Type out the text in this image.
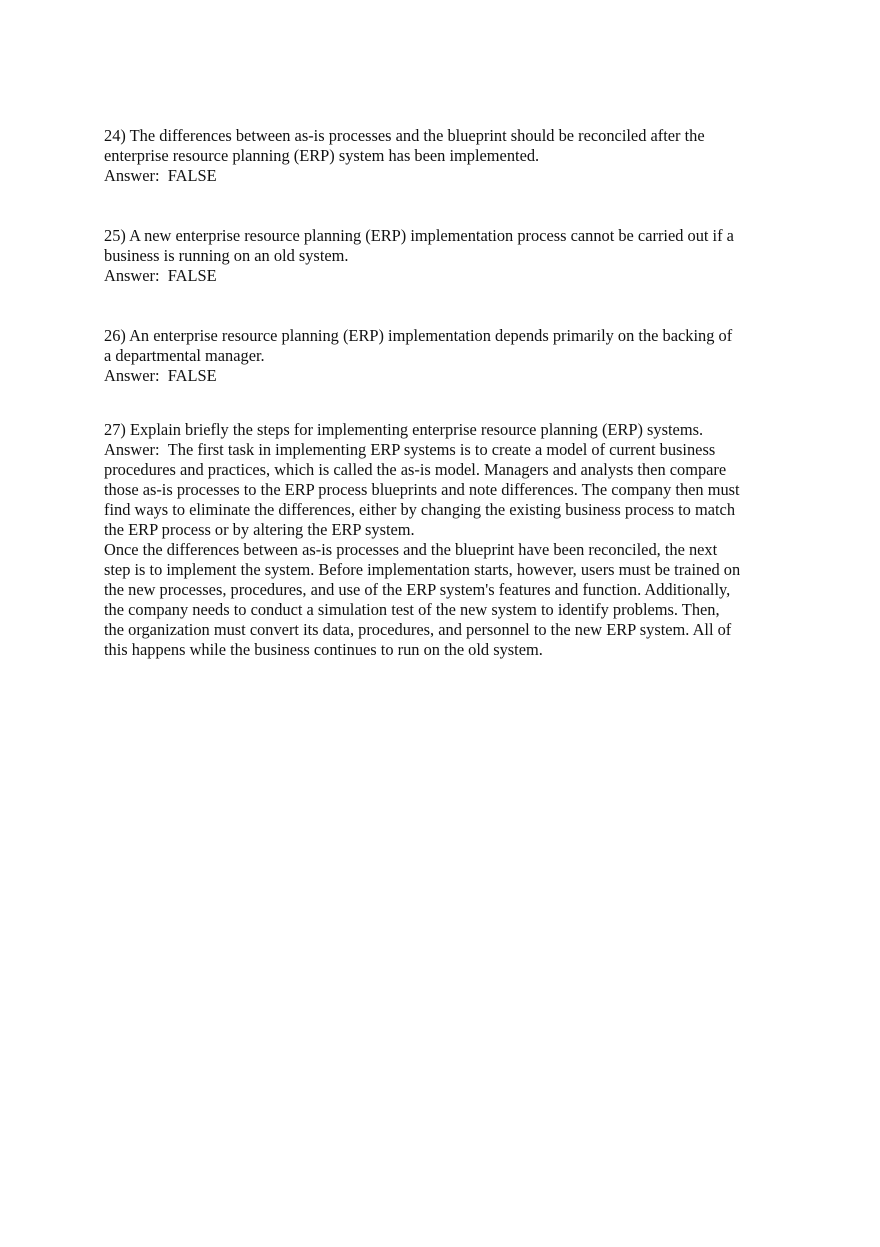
24) The differences between as-is processes and the blueprint should be reconciled after the
enterprise resource planning (ERP) system has been implemented.
Answer: FALSE
25) A new enterprise resource planning (ERP) implementation process cannot be carried out if a
business is running on an old system.
Answer: FALSE
26) An enterprise resource planning (ERP) implementation depends primarily on the backing of
a departmental manager.
Answer: FALSE
27) Explain briefly the steps for implementing enterprise resource planning (ERP) systems.
Answer: The first task in implementing ERP systems is to create a model of current business
procedures and practices, which is called the as-is model. Managers and analysts then compare
those as-is processes to the ERP process blueprints and note differences. The company then must
find ways to eliminate the differences, either by changing the existing business process to match
the ERP process or by altering the ERP system.
Once the differences between as-is processes and the blueprint have been reconciled, the next
step is to implement the system. Before implementation starts, however, users must be trained on
the new processes, procedures, and use of the ERP system's features and function. Additionally,
the company needs to conduct a simulation test of the new system to identify problems. Then,
the organization must convert its data, procedures, and personnel to the new ERP system. All of
this happens while the business continues to run on the old system.
